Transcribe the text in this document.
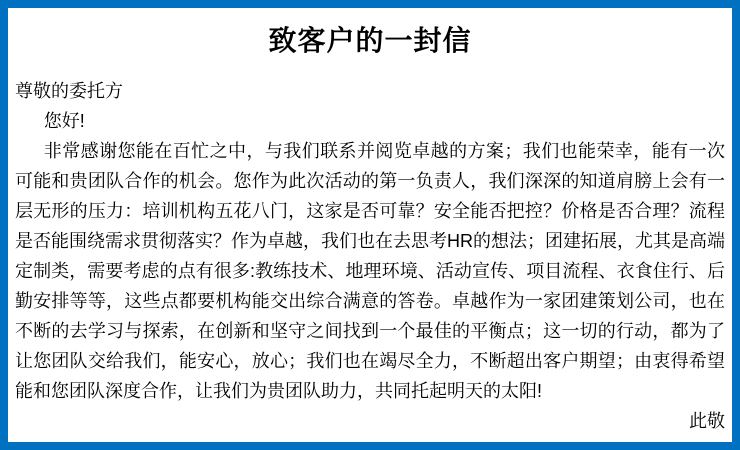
致客户的一封信

尊敬的委托方

您好!

非常感谢您能在百忙之中，与我们联系并阅览卓越的方案；我们也能荣幸，能有一次可能和贵团队合作的机会。您作为此次活动的第一负责人，我们深深的知道肩膀上会有一层无形的压力：培训机构五花八门，这家是否可靠？安全能否把控？价格是否合理？流程是否能围绕需求贯彻落实？作为卓越，我们也在去思考HR的想法；团建拓展，尤其是高端定制类，需要考虑的点有很多:教练技术、地理环境、活动宣传、项目流程、衣食住行、后勤安排等等，这些点都要机构能交出综合满意的答卷。卓越作为一家团建策划公司，也在不断的去学习与探索，在创新和坚守之间找到一个最佳的平衡点；这一切的行动，都为了让您团队交给我们，能安心，放心；我们也在竭尽全力，不断超出客户期望；由衷得希望能和您团队深度合作，让我们为贵团队助力，共同托起明天的太阳!

此敬
